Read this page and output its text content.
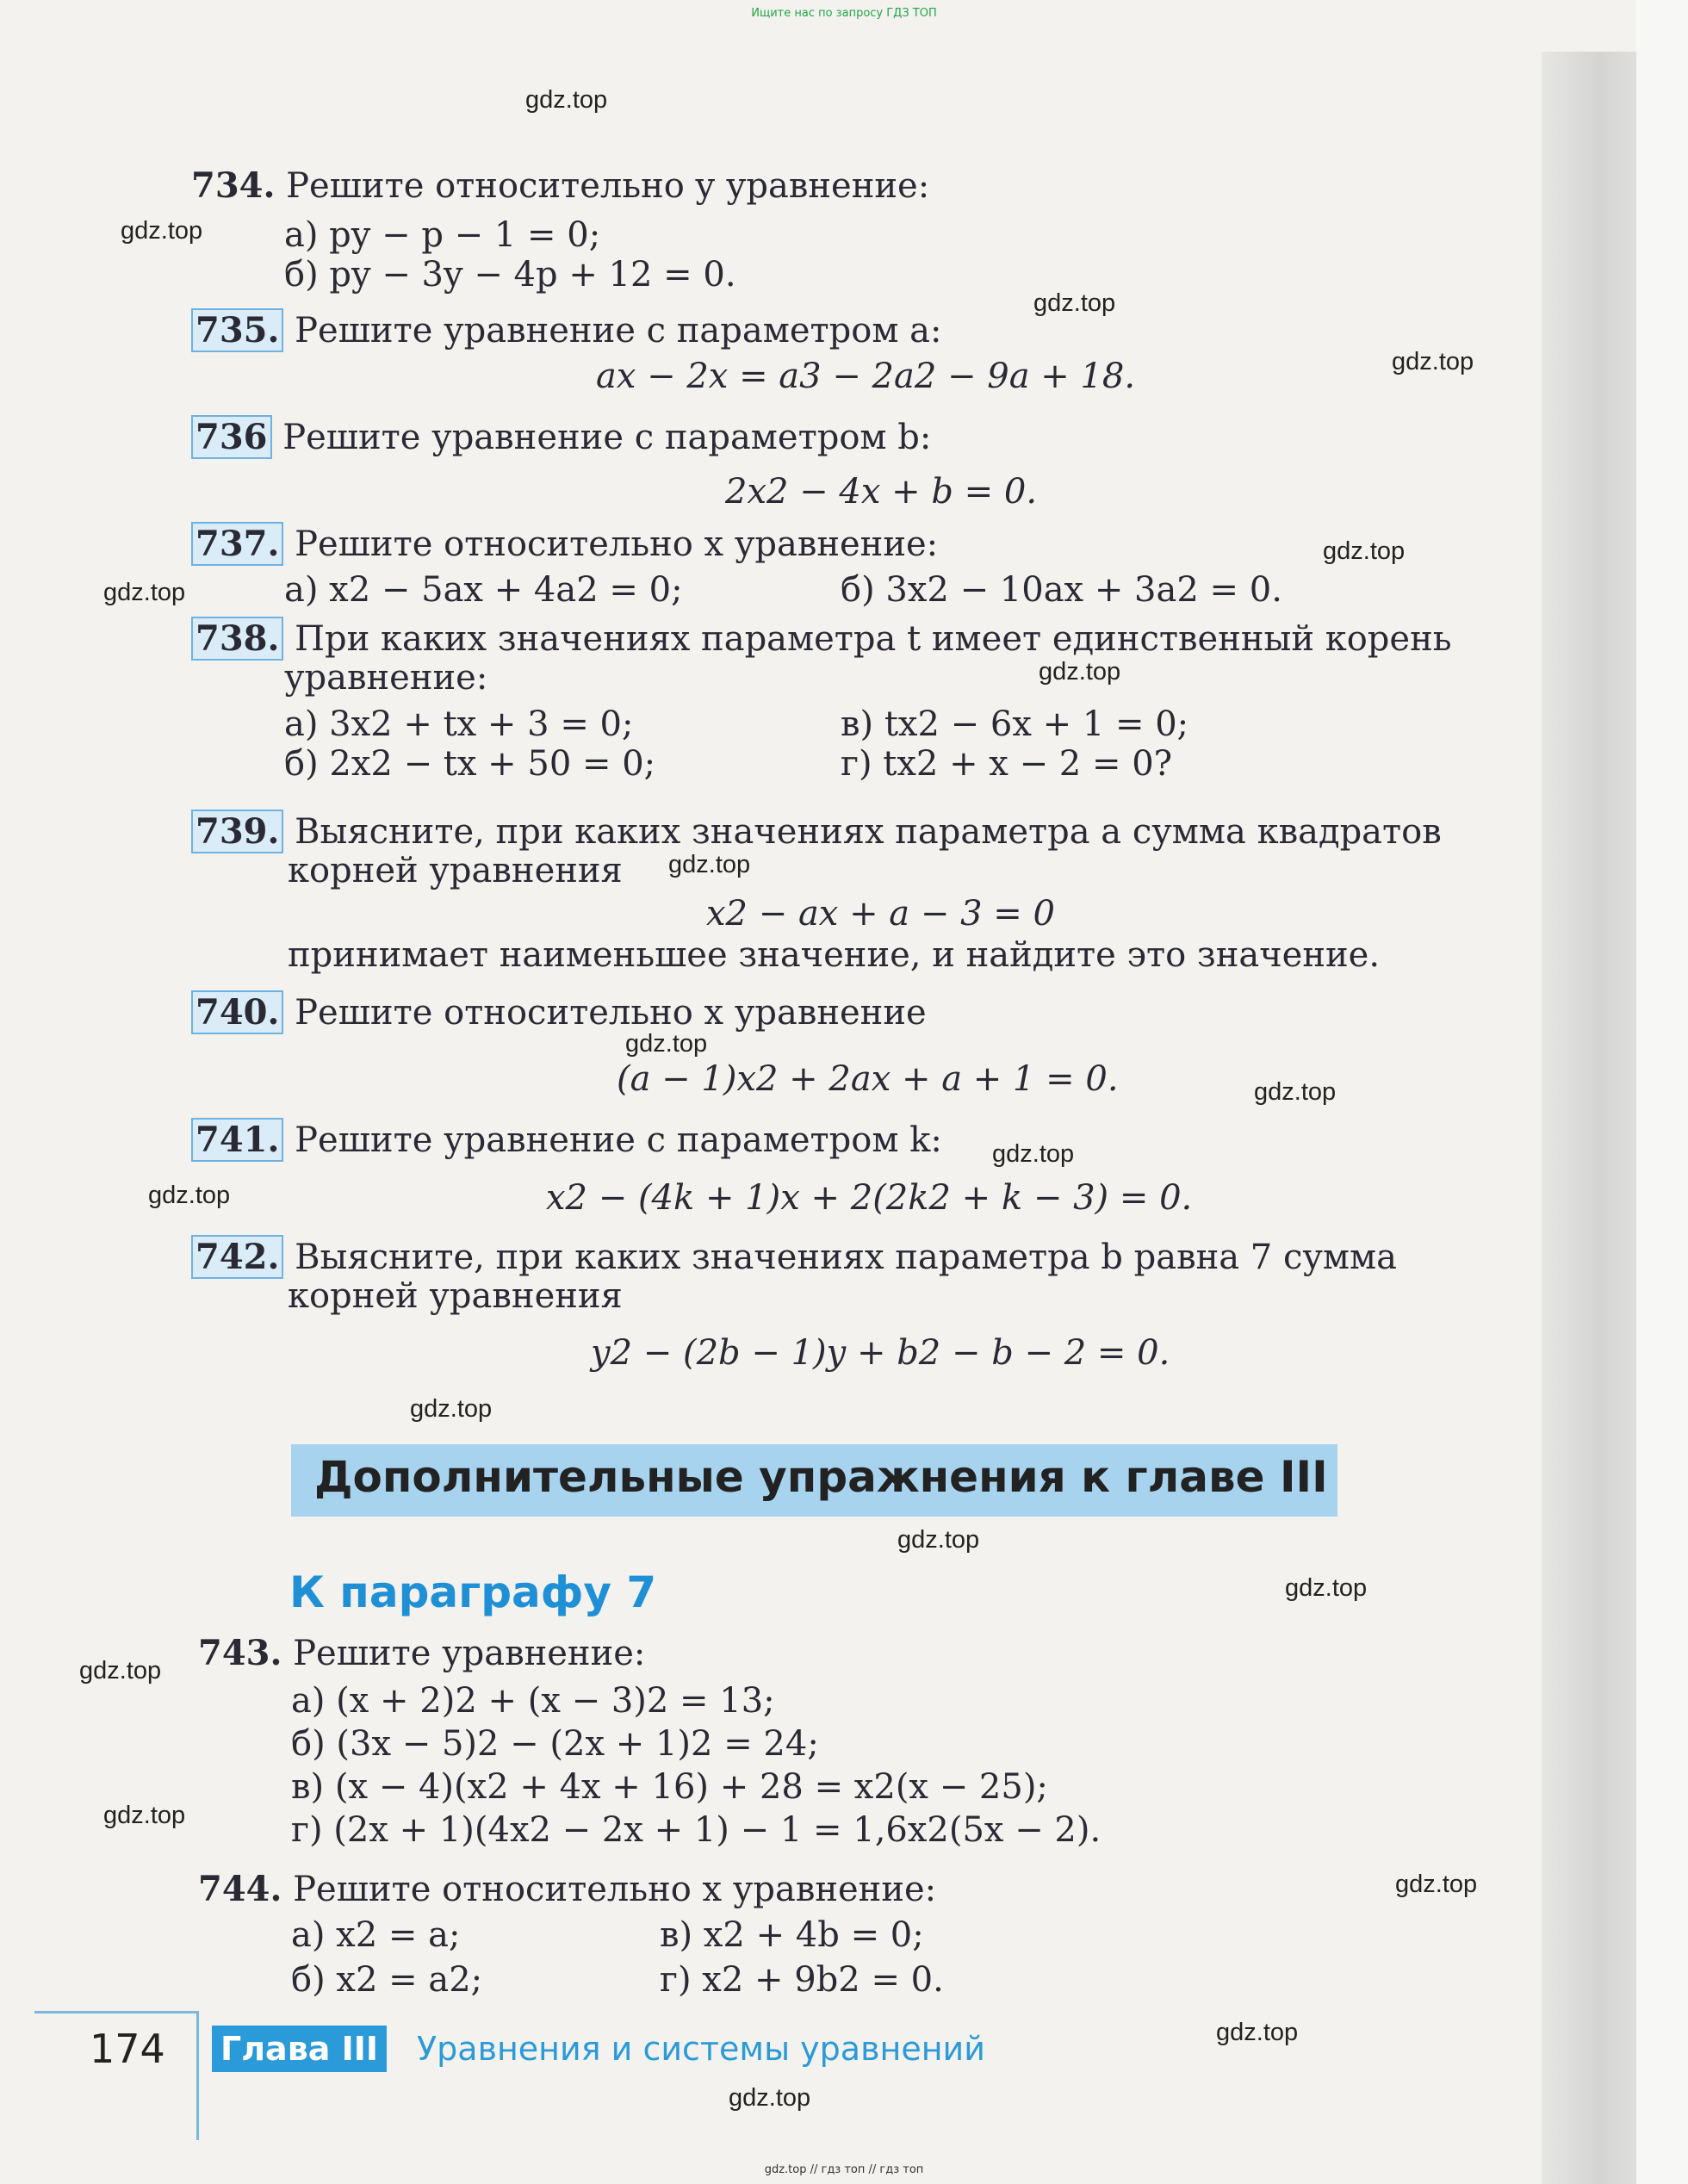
Ищите нас по запросу ГДЗ ТОП
gdz.top
gdz.top
gdz.top
gdz.top
gdz.top
gdz.top
gdz.top
gdz.top
gdz.top
gdz.top
gdz.top
gdz.top
gdz.top
gdz.top
gdz.top
gdz.top
gdz.top
gdz.top
gdz.top
gdz.top
734. Решите относительно y уравнение:
а) py − p − 1 = 0;
б) py − 3y − 4p + 12 = 0.
735. Решите уравнение с параметром a:
ax − 2x = a3 − 2a2 − 9a + 18.
736 Решите уравнение с параметром b:
2x2 − 4x + b = 0.
737. Решите относительно x уравнение:
а) x2 − 5ax + 4a2 = 0;	б) 3x2 − 10ax + 3a2 = 0.
738. При каких значениях параметра t имеет единственный корень
уравнение:
а) 3x2 + tx + 3 = 0;
б) 2x2 − tx + 50 = 0;
в) tx2 − 6x + 1 = 0;
г) tx2 + x − 2 = 0?
739. Выясните, при каких значениях параметра a сумма квадратов
корней уравнения
x2 − ax + a − 3 = 0
принимает наименьшее значение, и найдите это значение.
740. Решите относительно x уравнение
(a − 1)x2 + 2ax + a + 1 = 0.
741. Решите уравнение с параметром k:
x2 − (4k + 1)x + 2(2k2 + k − 3) = 0.
742. Выясните, при каких значениях параметра b равна 7 сумма
корней уравнения
y2 − (2b − 1)y + b2 − b − 2 = 0.
Дополнительные упражнения к главе III
К параграфу 7
743. Решите уравнение:
а) (x + 2)2 + (x − 3)2 = 13;
б) (3x − 5)2 − (2x + 1)2 = 24;
в) (x − 4)(x2 + 4x + 16) + 28 = x2(x − 25);
г) (2x + 1)(4x2 − 2x + 1) − 1 = 1,6x2(5x − 2).
744. Решите относительно x уравнение:
а) x2 = a;
б) x2 = a2;
в) x2 + 4b = 0;
г) x2 + 9b2 = 0.
174 Глава III Уравнения и системы уравнений
gdz.top // гдз топ // гдз топ
